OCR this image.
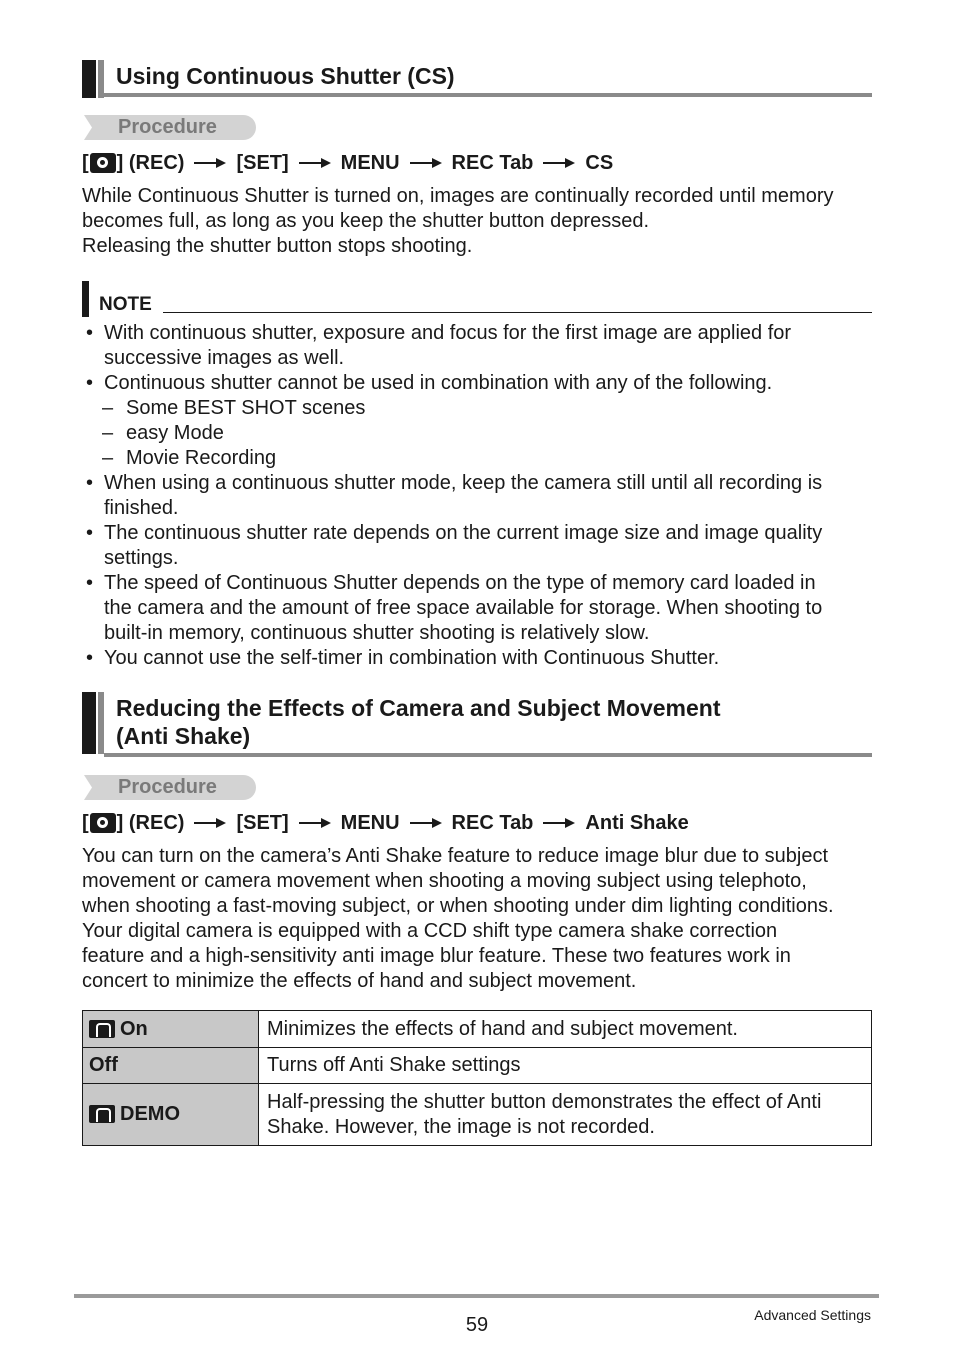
Using Continuous Shutter (CS)
Procedure
[ ] (REC)	[SET]	MENU	REC Tab	CS

While Continuous Shutter is turned on, images are continually recorded until memory

becomes full, as long as you keep the shutter button depressed.

Releasing the shutter button stops shooting.

NOTE
• With continuous shutter, exposure and focus for the first image are applied for
successive images as well.
• Continuous shutter cannot be used in combination with any of the following.
– Some BEST SHOT scenes
– easy Mode
– Movie Recording
• When using a continuous shutter mode, keep the camera still until all recording is
finished.
• The continuous shutter rate depends on the current image size and image quality
settings.
• The speed of Continuous Shutter depends on the type of memory card loaded in
the camera and the amount of free space available for storage. When shooting to
built-in memory, continuous shutter shooting is relatively slow.
• You cannot use the self-timer in combination with Continuous Shutter.
Reducing the Effects of Camera and Subject Movement
(Anti Shake)
Procedure
[ ] (REC)	[SET]	MENU	REC Tab	Anti Shake

You can turn on the camera’s Anti Shake feature to reduce image blur due to subject

movement or camera movement when shooting a moving subject using telephoto,

when shooting a fast-moving subject, or when shooting under dim lighting conditions.

Your digital camera is equipped with a CCD shift type camera shake correction

feature and a high-sensitivity anti image blur feature. These two features work in

concert to minimize the effects of hand and subject movement.

On	Minimizes the effects of hand and subject movement.
Off	Turns off Anti Shake settings
DEMO	Half-pressing the shutter button demonstrates the effect of Anti
Shake. However, the image is not recorded.
59	Advanced Settings
